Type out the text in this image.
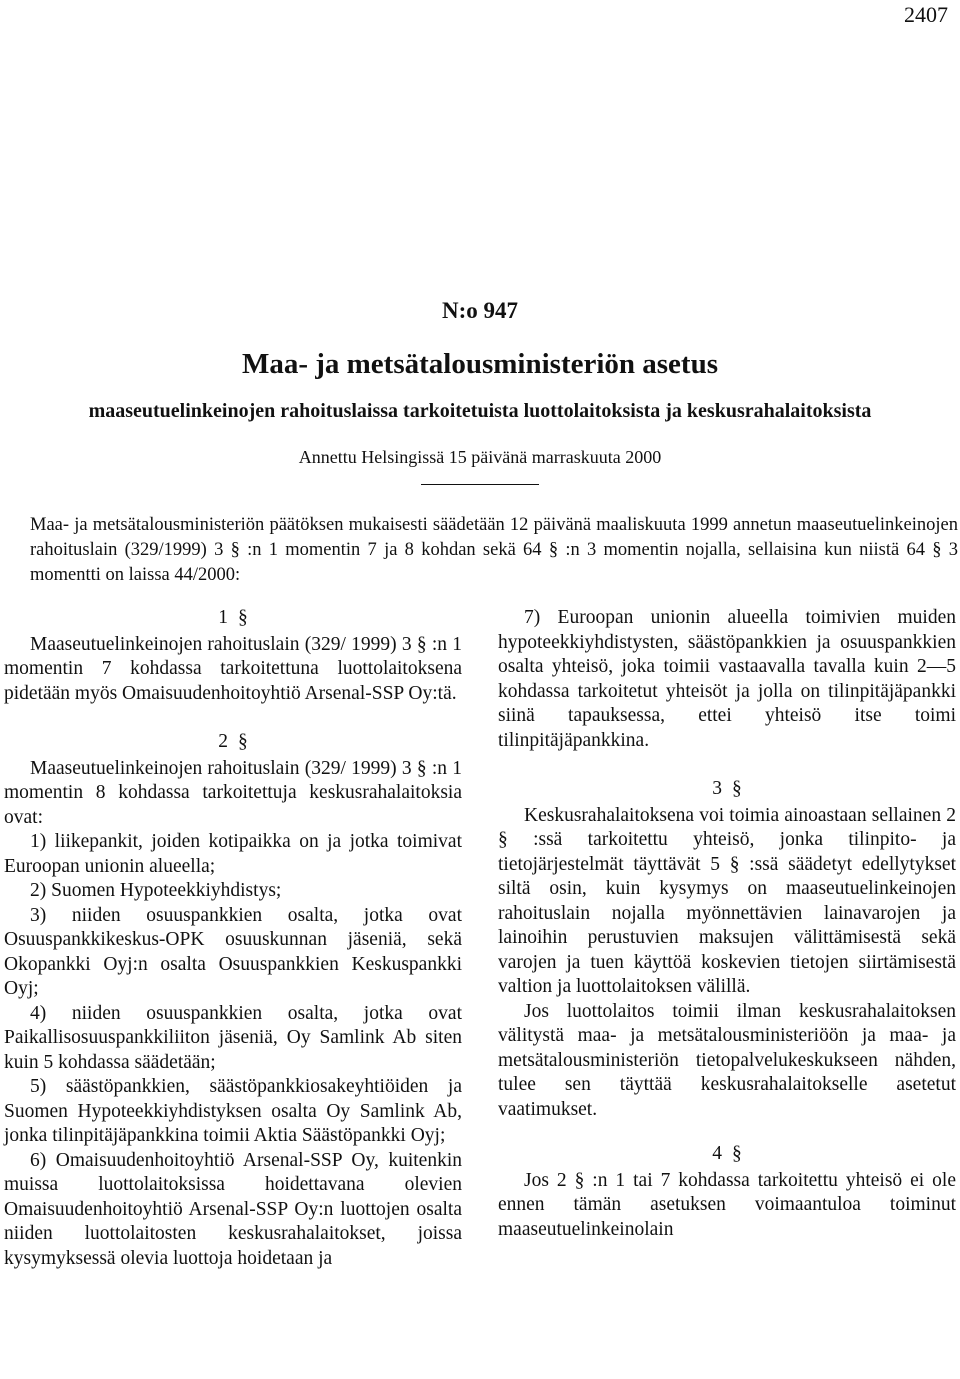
2407
N:o 947
Maa- ja metsätalousministeriön asetus
maaseutuelinkeinojen rahoituslaissa tarkoitetuista luottolaitoksista ja keskusrahalaitoksista
Annettu Helsingissä 15 päivänä marraskuuta 2000

Maa- ja metsätalousministeriön päätöksen mukaisesti säädetään 12 päivänä maaliskuuta 1999 annetun maaseutuelinkeinojen rahoituslain (329/1999) 3 § :n 1 momentin 7 ja 8 kohdan sekä 64 § :n 3 momentin nojalla, sellaisina kun niistä 64 § 3 momentti on laissa 44/2000:

1 §

Maaseutuelinkeinojen rahoituslain (329/ 1999) 3 § :n 1 momentin 7 kohdassa tarkoitettuna luottolaitoksena pidetään myös Omaisuudenhoitoyhtiö Arsenal-SSP Oy:tä.

2 §

Maaseutuelinkeinojen rahoituslain (329/ 1999) 3 § :n 1 momentin 8 kohdassa tarkoitettuja keskusrahalaitoksia ovat:

1) liikepankit, joiden kotipaikka on ja jotka toimivat Euroopan unionin alueella;

2) Suomen Hypoteekkiyhdistys;

3) niiden osuuspankkien osalta, jotka ovat Osuuspankkikeskus-OPK osuuskunnan jäseniä, sekä Okopankki Oyj:n osalta Osuuspankkien Keskuspankki Oyj;

4) niiden osuuspankkien osalta, jotka ovat Paikallisosuuspankkiliiton jäseniä, Oy Samlink Ab siten kuin 5 kohdassa säädetään;

5) säästöpankkien, säästöpankkiosakeyhtiöiden ja Suomen Hypoteekkiyhdistyksen osalta Oy Samlink Ab, jonka tilinpitäjäpankkina toimii Aktia Säästöpankki Oyj;

6) Omaisuudenhoitoyhtiö Arsenal-SSP Oy, kuitenkin muissa luottolaitoksissa hoidettavana olevien Omaisuudenhoitoyhtiö Arsenal-SSP Oy:n luottojen osalta niiden luottolaitosten keskusrahalaitokset, joissa kysymyksessä olevia luottoja hoidetaan ja

7) Euroopan unionin alueella toimivien muiden hypoteekkiyhdistysten, säästöpankkien ja osuuspankkien osalta yhteisö, joka toimii vastaavalla tavalla kuin 2—5 kohdassa tarkoitetut yhteisöt ja jolla on tilinpitäjäpankki siinä tapauksessa, ettei yhteisö itse toimi tilinpitäjäpankkina.

3 §

Keskusrahalaitoksena voi toimia ainoastaan sellainen 2 § :ssä tarkoitettu yhteisö, jonka tilinpito- ja tietojärjestelmät täyttävät 5 § :ssä säädetyt edellytykset siltä osin, kuin kysymys on maaseutuelinkeinojen rahoituslain nojalla myönnettävien lainavarojen ja lainoihin perustuvien maksujen välittämisestä sekä varojen ja tuen käyttöä koskevien tietojen siirtämisestä valtion ja luottolaitoksen välillä.

Jos luottolaitos toimii ilman keskusrahalaitoksen välitystä maa- ja metsätalousministeriöön ja maa- ja metsätalousministeriön tietopalvelukeskukseen nähden, tulee sen täyttää keskusrahalaitokselle asetetut vaatimukset.

4 §

Jos 2 § :n 1 tai 7 kohdassa tarkoitettu yhteisö ei ole ennen tämän asetuksen voimaantuloa toiminut maaseutuelinkeinolain
